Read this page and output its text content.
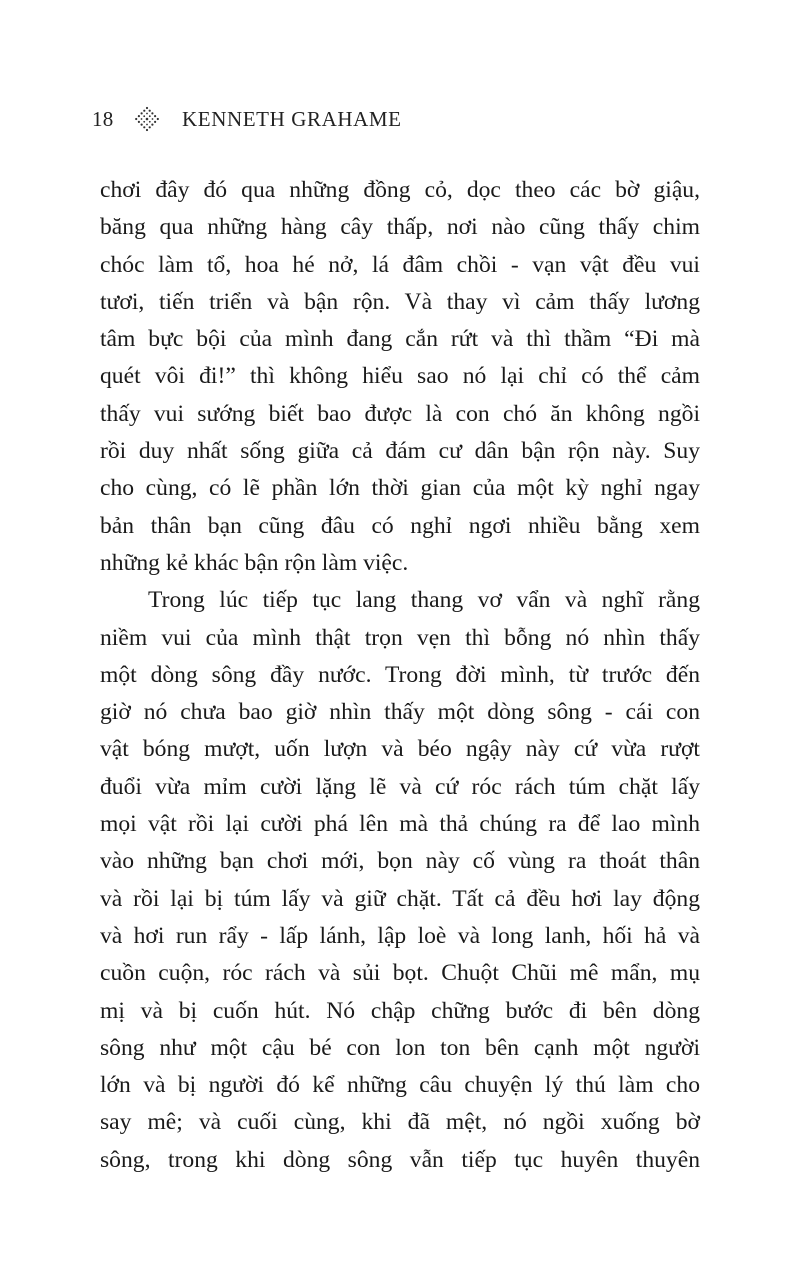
18	KENNETH GRAHAME

chơi đây đó qua những đồng cỏ, dọc theo các bờ giậu,
băng qua những hàng cây thấp, nơi nào cũng thấy chim
chóc làm tổ, hoa hé nở, lá đâm chồi - vạn vật đều vui
tươi, tiến triển và bận rộn. Và thay vì cảm thấy lương
tâm bực bội của mình đang cắn rứt và thì thầm “Đi mà
quét vôi đi!” thì không hiểu sao nó lại chỉ có thể cảm
thấy vui sướng biết bao được là con chó ăn không ngồi
rồi duy nhất sống giữa cả đám cư dân bận rộn này. Suy
cho cùng, có lẽ phần lớn thời gian của một kỳ nghỉ ngay
bản thân bạn cũng đâu có nghỉ ngơi nhiều bằng xem
những kẻ khác bận rộn làm việc.

Trong lúc tiếp tục lang thang vơ vẩn và nghĩ rằng
niềm vui của mình thật trọn vẹn thì bỗng nó nhìn thấy
một dòng sông đầy nước. Trong đời mình, từ trước đến
giờ nó chưa bao giờ nhìn thấy một dòng sông - cái con
vật bóng mượt, uốn lượn và béo ngậy này cứ vừa rượt
đuổi vừa mỉm cười lặng lẽ và cứ róc rách túm chặt lấy
mọi vật rồi lại cười phá lên mà thả chúng ra để lao mình
vào những bạn chơi mới, bọn này cố vùng ra thoát thân
và rồi lại bị túm lấy và giữ chặt. Tất cả đều hơi lay động
và hơi run rẩy - lấp lánh, lập loè và long lanh, hối hả và
cuồn cuộn, róc rách và sủi bọt. Chuột Chũi mê mẩn, mụ
mị và bị cuốn hút. Nó chập chững bước đi bên dòng
sông như một cậu bé con lon ton bên cạnh một người
lớn và bị người đó kể những câu chuyện lý thú làm cho
say mê; và cuối cùng, khi đã mệt, nó ngồi xuống bờ
sông, trong khi dòng sông vẫn tiếp tục huyên thuyên
